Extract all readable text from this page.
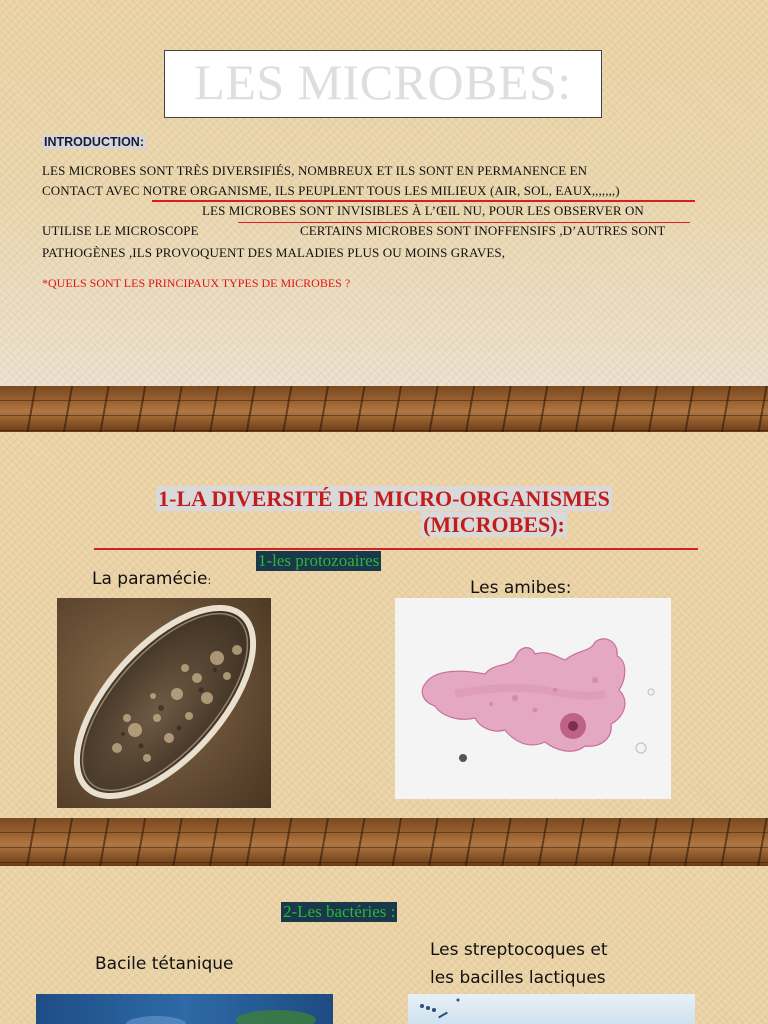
LES MICROBES:
INTRODUCTION:
LES MICROBES SONT TRÈS DIVERSIFIÉS, NOMBREUX ET ILS SONT EN PERMANENCE EN
CONTACT AVEC NOTRE ORGANISME, ILS PEUPLENT TOUS LES MILIEUX (AIR, SOL, EAUX,,,,,,,)
LES MICROBES SONT INVISIBLES À L’ŒIL NU, POUR LES OBSERVER ON
UTILISE LE MICROSCOPE	CERTAINS MICROBES SONT INOFFENSIFS ,D’AUTRES SONT
PATHOGÈNES ,ILS PROVOQUENT DES MALADIES PLUS OU MOINS GRAVES,
*QUELS SONT LES PRINCIPAUX TYPES DE MICROBES ?
1-LA DIVERSITÉ DE MICRO-ORGANISMES
(MICROBES):
1-les protozoaires
La paramécie:	Les amibes:
2-Les bactéries :
Bacile tétanique
Les streptocoques et
les bacilles lactiques
